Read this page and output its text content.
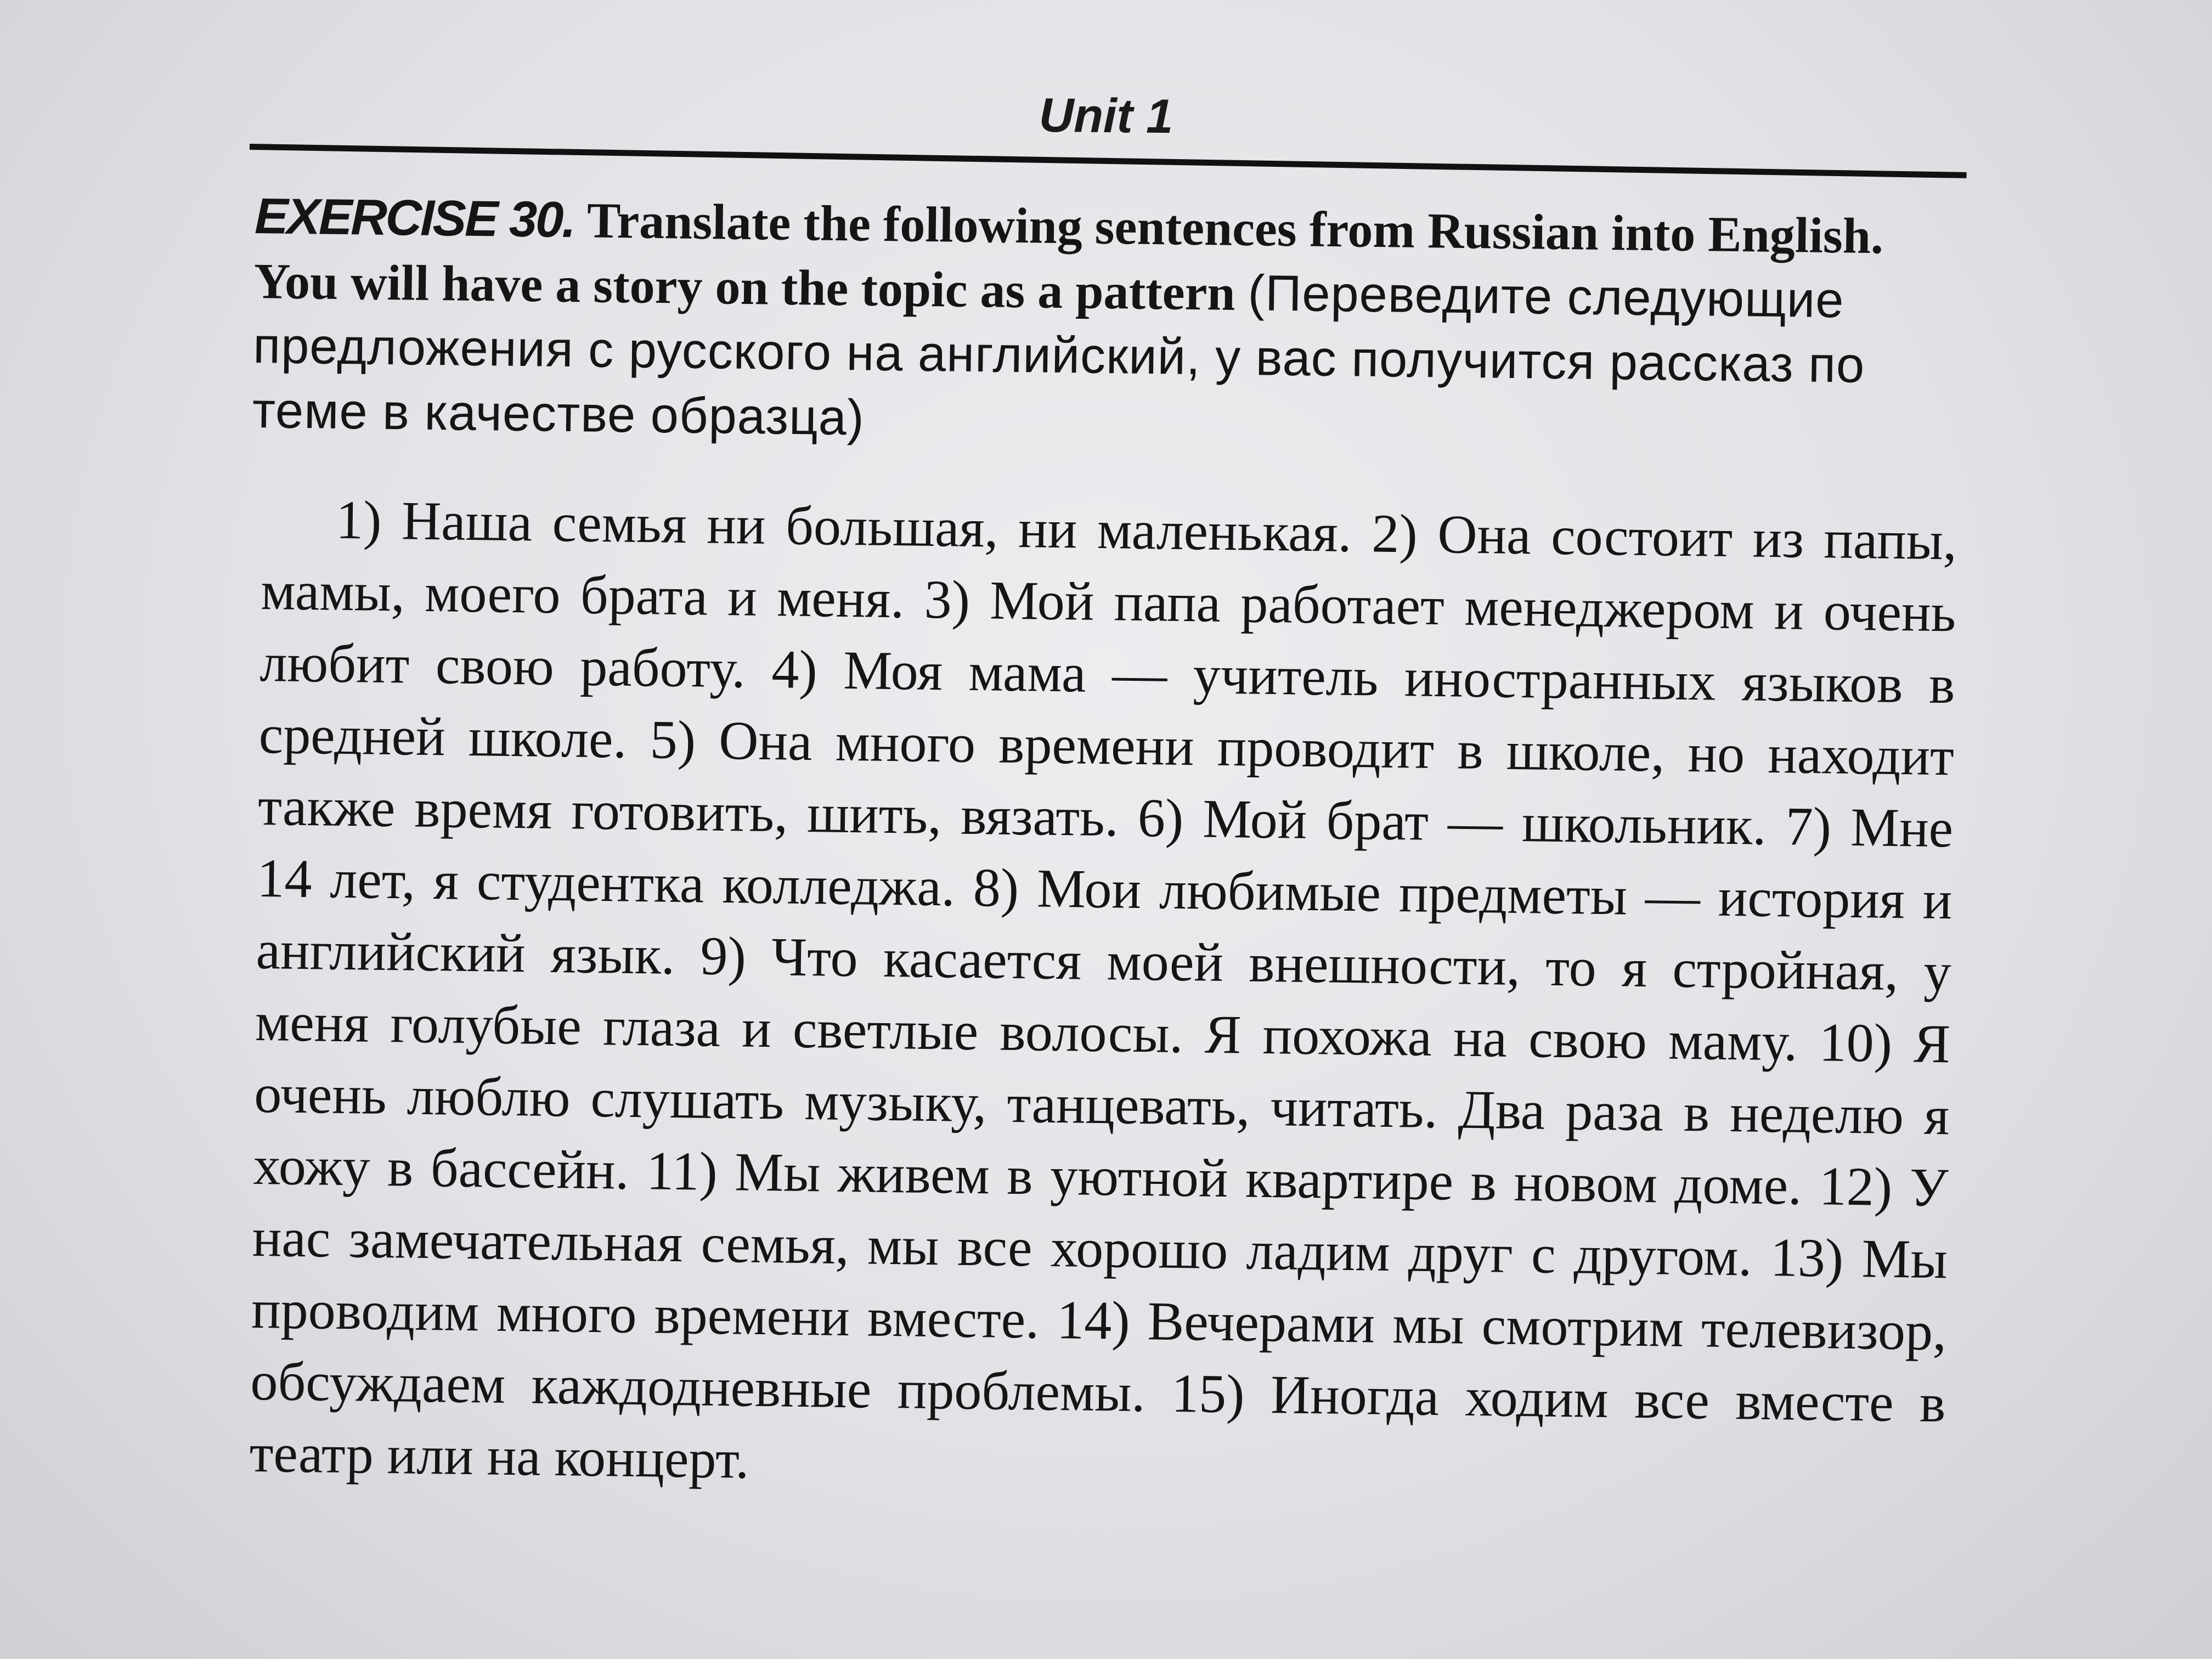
Unit 1
EXERCISE 30. Translate the following sentences from Russian into English. You will have a story on the topic as a pattern (Переведите следующие предложения с русского на английский, у вас получится рассказ по теме в качестве образца)
1) Наша семья ни большая, ни маленькая. 2) Она состоит из папы, мамы, моего брата и меня. 3) Мой папа работает менеджером и очень любит свою работу. 4) Моя мама — учитель иностранных языков в средней школе. 5) Она много времени проводит в школе, но находит также время готовить, шить, вязать. 6) Мой брат — школьник. 7) Мне 14 лет, я студентка колледжа. 8) Мои любимые предметы — история и английский язык. 9) Что касается моей внешности, то я стройная, у меня голубые глаза и светлые волосы. Я похожа на свою маму. 10) Я очень люблю слушать музыку, танцевать, читать. Два раза в неделю я хожу в бассейн. 11) Мы живем в уютной квартире в новом доме. 12) У нас замечательная семья, мы все хорошо ладим друг с другом. 13) Мы проводим много времени вместе. 14) Вечерами мы смотрим телевизор, обсуждаем каждодневные проблемы. 15) Иногда ходим все вместе в театр или на концерт.
